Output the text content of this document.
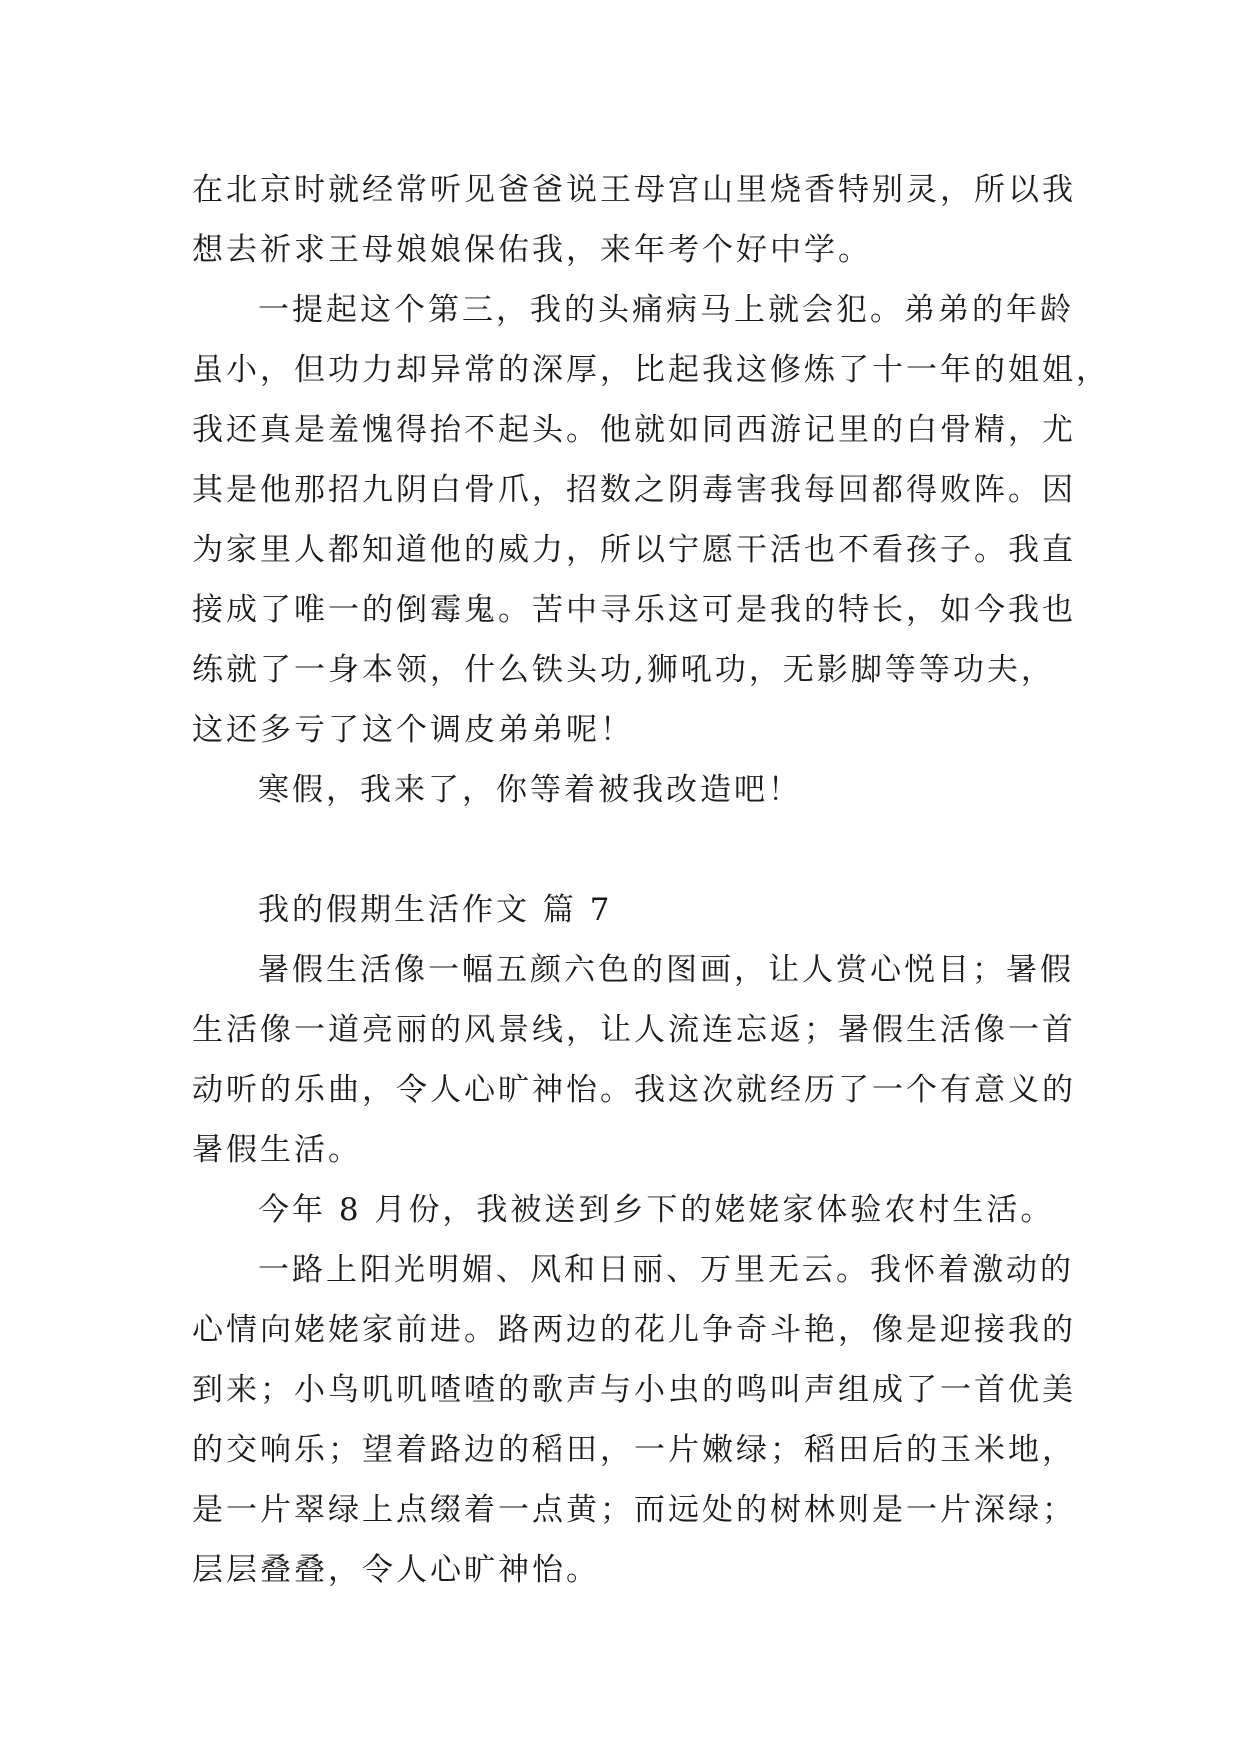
在北京时就经常听见爸爸说王母宫山里烧香特别灵，所以我
想去祈求王母娘娘保佑我，来年考个好中学。
一提起这个第三，我的头痛病马上就会犯。弟弟的年龄
虽小，但功力却异常的深厚，比起我这修炼了十一年的姐姐，
我还真是羞愧得抬不起头。他就如同西游记里的白骨精，尤
其是他那招九阴白骨爪，招数之阴毒害我每回都得败阵。因
为家里人都知道他的威力，所以宁愿干活也不看孩子。我直
接成了唯一的倒霉鬼。苦中寻乐这可是我的特长，如今我也
练就了一身本领，什么铁头功,狮吼功，无影脚等等功夫，
这还多亏了这个调皮弟弟呢！
寒假，我来了，你等着被我改造吧！
我的假期生活作文 篇 7
暑假生活像一幅五颜六色的图画，让人赏心悦目；暑假
生活像一道亮丽的风景线，让人流连忘返；暑假生活像一首
动听的乐曲，令人心旷神怡。我这次就经历了一个有意义的
暑假生活。
今年 8 月份，我被送到乡下的姥姥家体验农村生活。
一路上阳光明媚、风和日丽、万里无云。我怀着激动的
心情向姥姥家前进。路两边的花儿争奇斗艳，像是迎接我的
到来；小鸟叽叽喳喳的歌声与小虫的鸣叫声组成了一首优美
的交响乐；望着路边的稻田，一片嫩绿；稻田后的玉米地，
是一片翠绿上点缀着一点黄；而远处的树林则是一片深绿；
层层叠叠，令人心旷神怡。
